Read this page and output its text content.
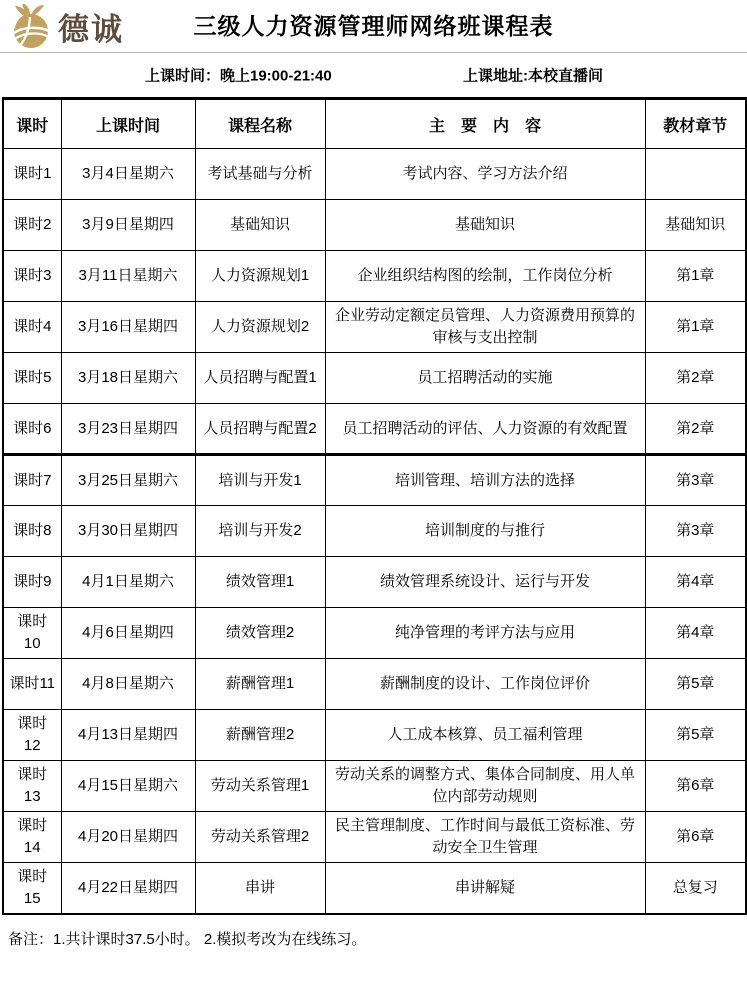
德诚	三级人力资源管理师网络班课程表
上课时间：晚上19:00-21:40	上课地址:本校直播间
课时	上课时间	课程名称	主　要　内　容	教材章节
课时1	3月4日星期六	考试基础与分析	考试内容、学习方法介绍	
课时2	3月9日星期四	基础知识	基础知识	基础知识
课时3	3月11日星期六	人力资源规划1	企业组织结构图的绘制，工作岗位分析	第1章
课时4	3月16日星期四	人力资源规划2	企业劳动定额定员管理、人力资源费用预算的审核与支出控制	第1章
课时5	3月18日星期六	人员招聘与配置1	员工招聘活动的实施	第2章
课时6	3月23日星期四	人员招聘与配置2	员工招聘活动的评估、人力资源的有效配置	第2章
课时7	3月25日星期六	培训与开发1	培训管理、培训方法的选择	第3章
课时8	3月30日星期四	培训与开发2	培训制度的与推行	第3章
课时9	4月1日星期六	绩效管理1	绩效管理系统设计、运行与开发	第4章
课时10	4月6日星期四	绩效管理2	纯净管理的考评方法与应用	第4章
课时11	4月8日星期六	薪酬管理1	薪酬制度的设计、工作岗位评价	第5章
课时12	4月13日星期四	薪酬管理2	人工成本核算、员工福利管理	第5章
课时13	4月15日星期六	劳动关系管理1	劳动关系的调整方式、集体合同制度、用人单位内部劳动规则	第6章
课时14	4月20日星期四	劳动关系管理2	民主管理制度、工作时间与最低工资标准、劳动安全卫生管理	第6章
课时15	4月22日星期四	串讲	串讲解疑	总复习
备注：1.共计课时37.5小时。 2.模拟考改为在线练习。
